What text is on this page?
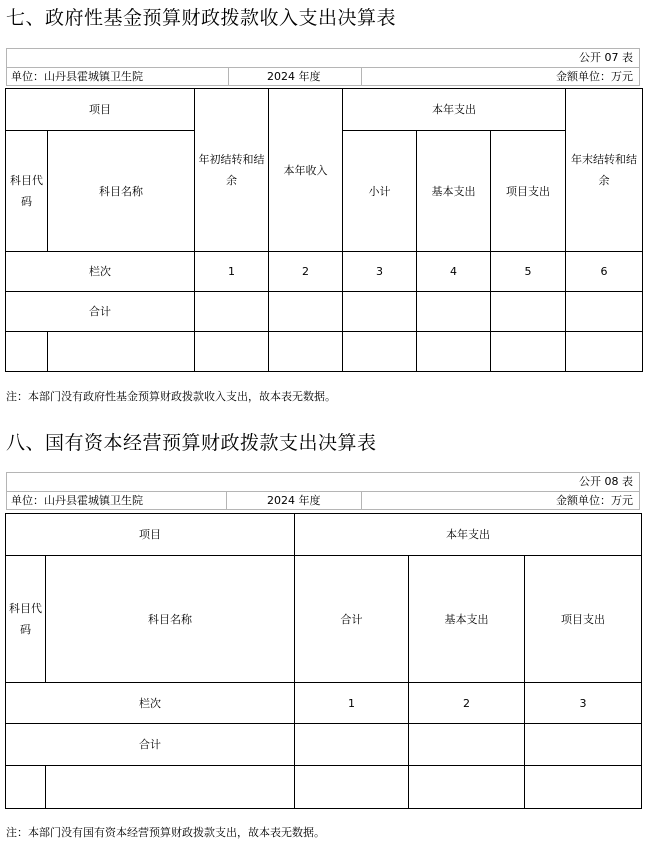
七、政府性基金预算财政拨款收入支出决算表
公开 07 表
单位：山丹县霍城镇卫生院	2024 年度	金额单位：万元
项目		年初结转和结余	本年收入	本年支出			年末结转和结余
科目代码	科目名称			小计	基本支出	项目支出	
栏次		1	2	3	4	5	6
合计							

注：本部门没有政府性基金预算财政拨款收入支出，故本表无数据。
八、国有资本经营预算财政拨款支出决算表
公开 08 表
单位：山丹县霍城镇卫生院	2024 年度	金额单位：万元
项目		本年支出		
科目代码	科目名称	合计	基本支出	项目支出
栏次		1	2	3
合计				

注：本部门没有国有资本经营预算财政拨款支出，故本表无数据。
